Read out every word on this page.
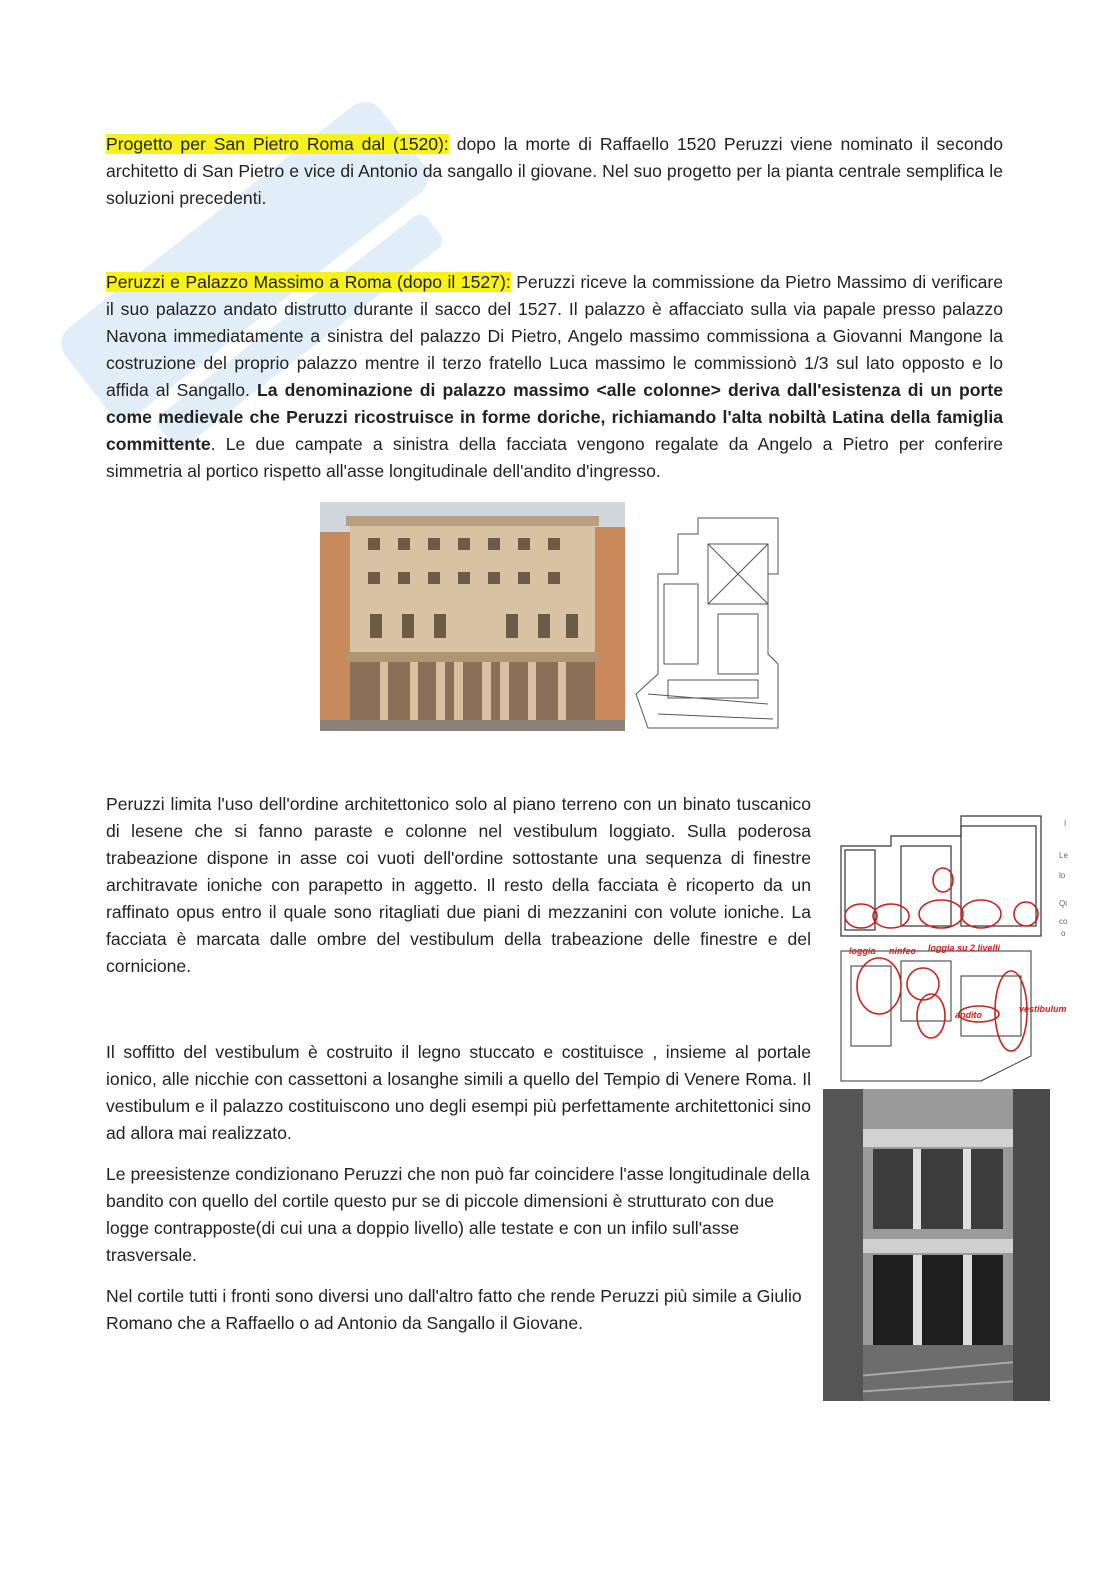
Progetto per San Pietro Roma dal (1520): dopo la morte di Raffaello 1520 Peruzzi viene nominato il secondo architetto di San Pietro e vice di Antonio da sangallo il giovane. Nel suo progetto per la pianta centrale semplifica le soluzioni precedenti.

Peruzzi e Palazzo Massimo a Roma (dopo il 1527): Peruzzi riceve la commissione da Pietro Massimo di verificare il suo palazzo andato distrutto durante il sacco del 1527. Il palazzo è affacciato sulla via papale presso palazzo Navona immediatamente a sinistra del palazzo Di Pietro, Angelo massimo commissiona a Giovanni Mangone la costruzione del proprio palazzo mentre il terzo fratello Luca massimo le commissionò 1/3 sul lato opposto e lo affida al Sangallo. La denominazione di palazzo massimo <alle colonne> deriva dall'esistenza di un porte come medievale che Peruzzi ricostruisce in forme doriche, richiamando l'alta nobiltà Latina della famiglia committente. Le due campate a sinistra della facciata vengono regalate da Angelo a Pietro per conferire simmetria al portico rispetto all'asse longitudinale dell'andito d'ingresso.

Peruzzi limita l'uso dell'ordine architettonico solo al piano terreno con un binato tuscanico di lesene che si fanno paraste e colonne nel vestibulum loggiato. Sulla poderosa trabeazione dispone in asse coi vuoti dell'ordine sottostante una sequenza di finestre architravate ioniche con parapetto in aggetto. Il resto della facciata è ricoperto da un raffinato opus entro il quale sono ritagliati due piani di mezzanini con volute ioniche. La facciata è marcata dalle ombre del vestibulum della trabeazione delle finestre e del cornicione.

loggia ninfeo loggia su 2 livelli
vestibulum
andito
I
Le
lo
Qi
co
o

Il soffitto del vestibulum è costruito il legno stuccato e costituisce , insieme al portale ionico, alle nicchie con cassettoni a losanghe simili a quello del Tempio di Venere Roma. Il vestibulum e il palazzo costituiscono uno degli esempi più perfettamente architettonici sino ad allora mai realizzato.

Le preesistenze condizionano Peruzzi che non può far coincidere l'asse longitudinale della bandito con quello del cortile questo pur se di piccole dimensioni è strutturato con due logge contrapposte(di cui una a doppio livello) alle testate e con un infilo sull'asse trasversale.

Nel cortile tutti i fronti sono diversi uno dall'altro fatto che rende Peruzzi più simile a Giulio Romano che a Raffaello o ad Antonio da Sangallo il Giovane.
